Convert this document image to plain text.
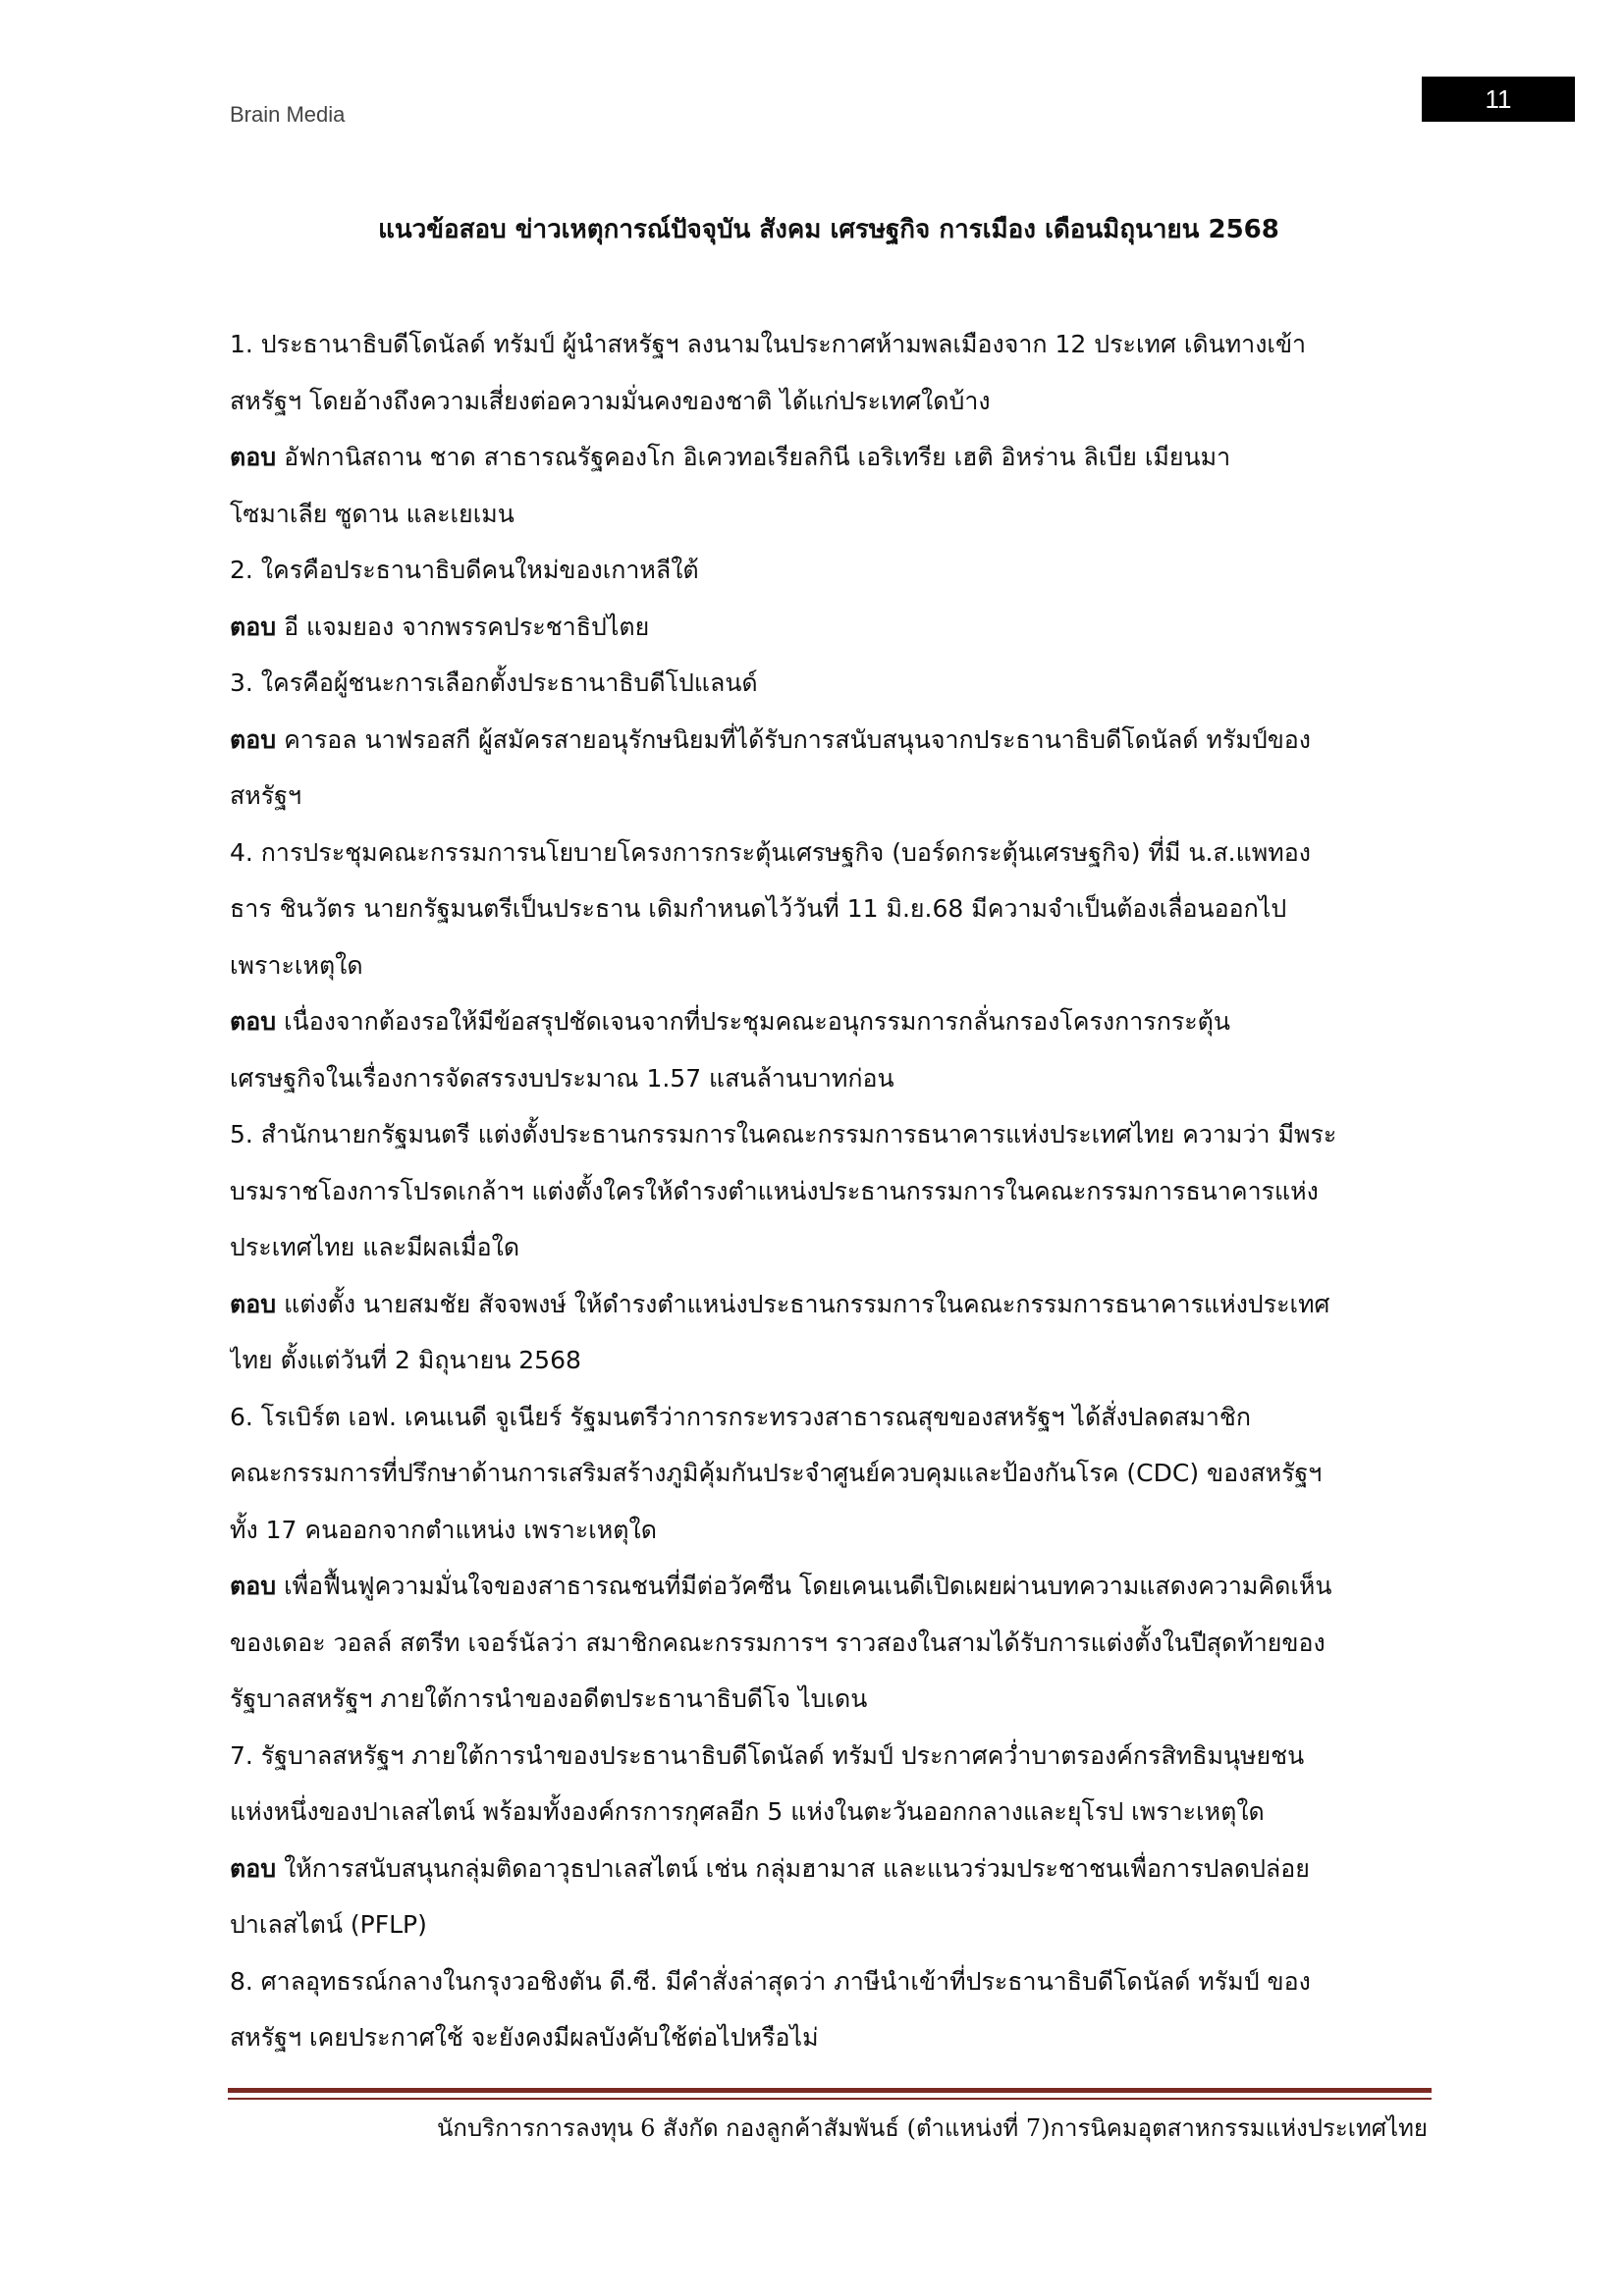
Brain Media
11
แนวข้อสอบ ข่าวเหตุการณ์ปัจจุบัน สังคม เศรษฐกิจ การเมือง เดือนมิถุนายน 2568
1. ประธานาธิบดีโดนัลด์ ทรัมป์ ผู้นำสหรัฐฯ ลงนามในประกาศห้ามพลเมืองจาก 12 ประเทศ เดินทางเข้า
สหรัฐฯ โดยอ้างถึงความเสี่ยงต่อความมั่นคงของชาติ ได้แก่ประเทศใดบ้าง
ตอบ อัฟกานิสถาน ชาด สาธารณรัฐคองโก อิเควทอเรียลกินี เอริเทรีย เฮติ อิหร่าน ลิเบีย เมียนมา
โซมาเลีย ซูดาน และเยเมน
2. ใครคือประธานาธิบดีคนใหม่ของเกาหลีใต้
ตอบ อี แจมยอง จากพรรคประชาธิปไตย
3. ใครคือผู้ชนะการเลือกตั้งประธานาธิบดีโปแลนด์
ตอบ คารอล นาฟรอสกี ผู้สมัครสายอนุรักษนิยมที่ได้รับการสนับสนุนจากประธานาธิบดีโดนัลด์ ทรัมป์ของ
สหรัฐฯ
4. การประชุมคณะกรรมการนโยบายโครงการกระตุ้นเศรษฐกิจ (บอร์ดกระตุ้นเศรษฐกิจ) ที่มี น.ส.แพทอง
ธาร ชินวัตร นายกรัฐมนตรีเป็นประธาน เดิมกำหนดไว้วันที่ 11 มิ.ย.68 มีความจำเป็นต้องเลื่อนออกไป
เพราะเหตุใด
ตอบ เนื่องจากต้องรอให้มีข้อสรุปชัดเจนจากที่ประชุมคณะอนุกรรมการกลั่นกรองโครงการกระตุ้น
เศรษฐกิจในเรื่องการจัดสรรงบประมาณ 1.57 แสนล้านบาทก่อน
5. สำนักนายกรัฐมนตรี แต่งตั้งประธานกรรมการในคณะกรรมการธนาคารแห่งประเทศไทย ความว่า มีพระ
บรมราชโองการโปรดเกล้าฯ แต่งตั้งใครให้ดำรงตำแหน่งประธานกรรมการในคณะกรรมการธนาคารแห่ง
ประเทศไทย และมีผลเมื่อใด
ตอบ แต่งตั้ง นายสมชัย สัจจพงษ์ ให้ดำรงตำแหน่งประธานกรรมการในคณะกรรมการธนาคารแห่งประเทศ
ไทย ตั้งแต่วันที่ 2 มิถุนายน 2568
6. โรเบิร์ต เอฟ. เคนเนดี จูเนียร์ รัฐมนตรีว่าการกระทรวงสาธารณสุขของสหรัฐฯ ได้สั่งปลดสมาชิก
คณะกรรมการที่ปรึกษาด้านการเสริมสร้างภูมิคุ้มกันประจำศูนย์ควบคุมและป้องกันโรค (CDC) ของสหรัฐฯ
ทั้ง 17 คนออกจากตำแหน่ง เพราะเหตุใด
ตอบ เพื่อฟื้นฟูความมั่นใจของสาธารณชนที่มีต่อวัคซีน โดยเคนเนดีเปิดเผยผ่านบทความแสดงความคิดเห็น
ของเดอะ วอลล์ สตรีท เจอร์นัลว่า สมาชิกคณะกรรมการฯ ราวสองในสามได้รับการแต่งตั้งในปีสุดท้ายของ
รัฐบาลสหรัฐฯ ภายใต้การนำของอดีตประธานาธิบดีโจ ไบเดน
7. รัฐบาลสหรัฐฯ ภายใต้การนำของประธานาธิบดีโดนัลด์ ทรัมป์ ประกาศคว่ำบาตรองค์กรสิทธิมนุษยชน
แห่งหนึ่งของปาเลสไตน์ พร้อมทั้งองค์กรการกุศลอีก 5 แห่งในตะวันออกกลางและยุโรป เพราะเหตุใด
ตอบ ให้การสนับสนุนกลุ่มติดอาวุธปาเลสไตน์ เช่น กลุ่มฮามาส และแนวร่วมประชาชนเพื่อการปลดปล่อย
ปาเลสไตน์ (PFLP)
8. ศาลอุทธรณ์กลางในกรุงวอชิงตัน ดี.ซี. มีคำสั่งล่าสุดว่า ภาษีนำเข้าที่ประธานาธิบดีโดนัลด์ ทรัมป์ ของ
สหรัฐฯ เคยประกาศใช้ จะยังคงมีผลบังคับใช้ต่อไปหรือไม่
นักบริการการลงทุน 6 สังกัด กองลูกค้าสัมพันธ์ (ตำแหน่งที่ 7)การนิคมอุตสาหกรรมแห่งประเทศไทย
